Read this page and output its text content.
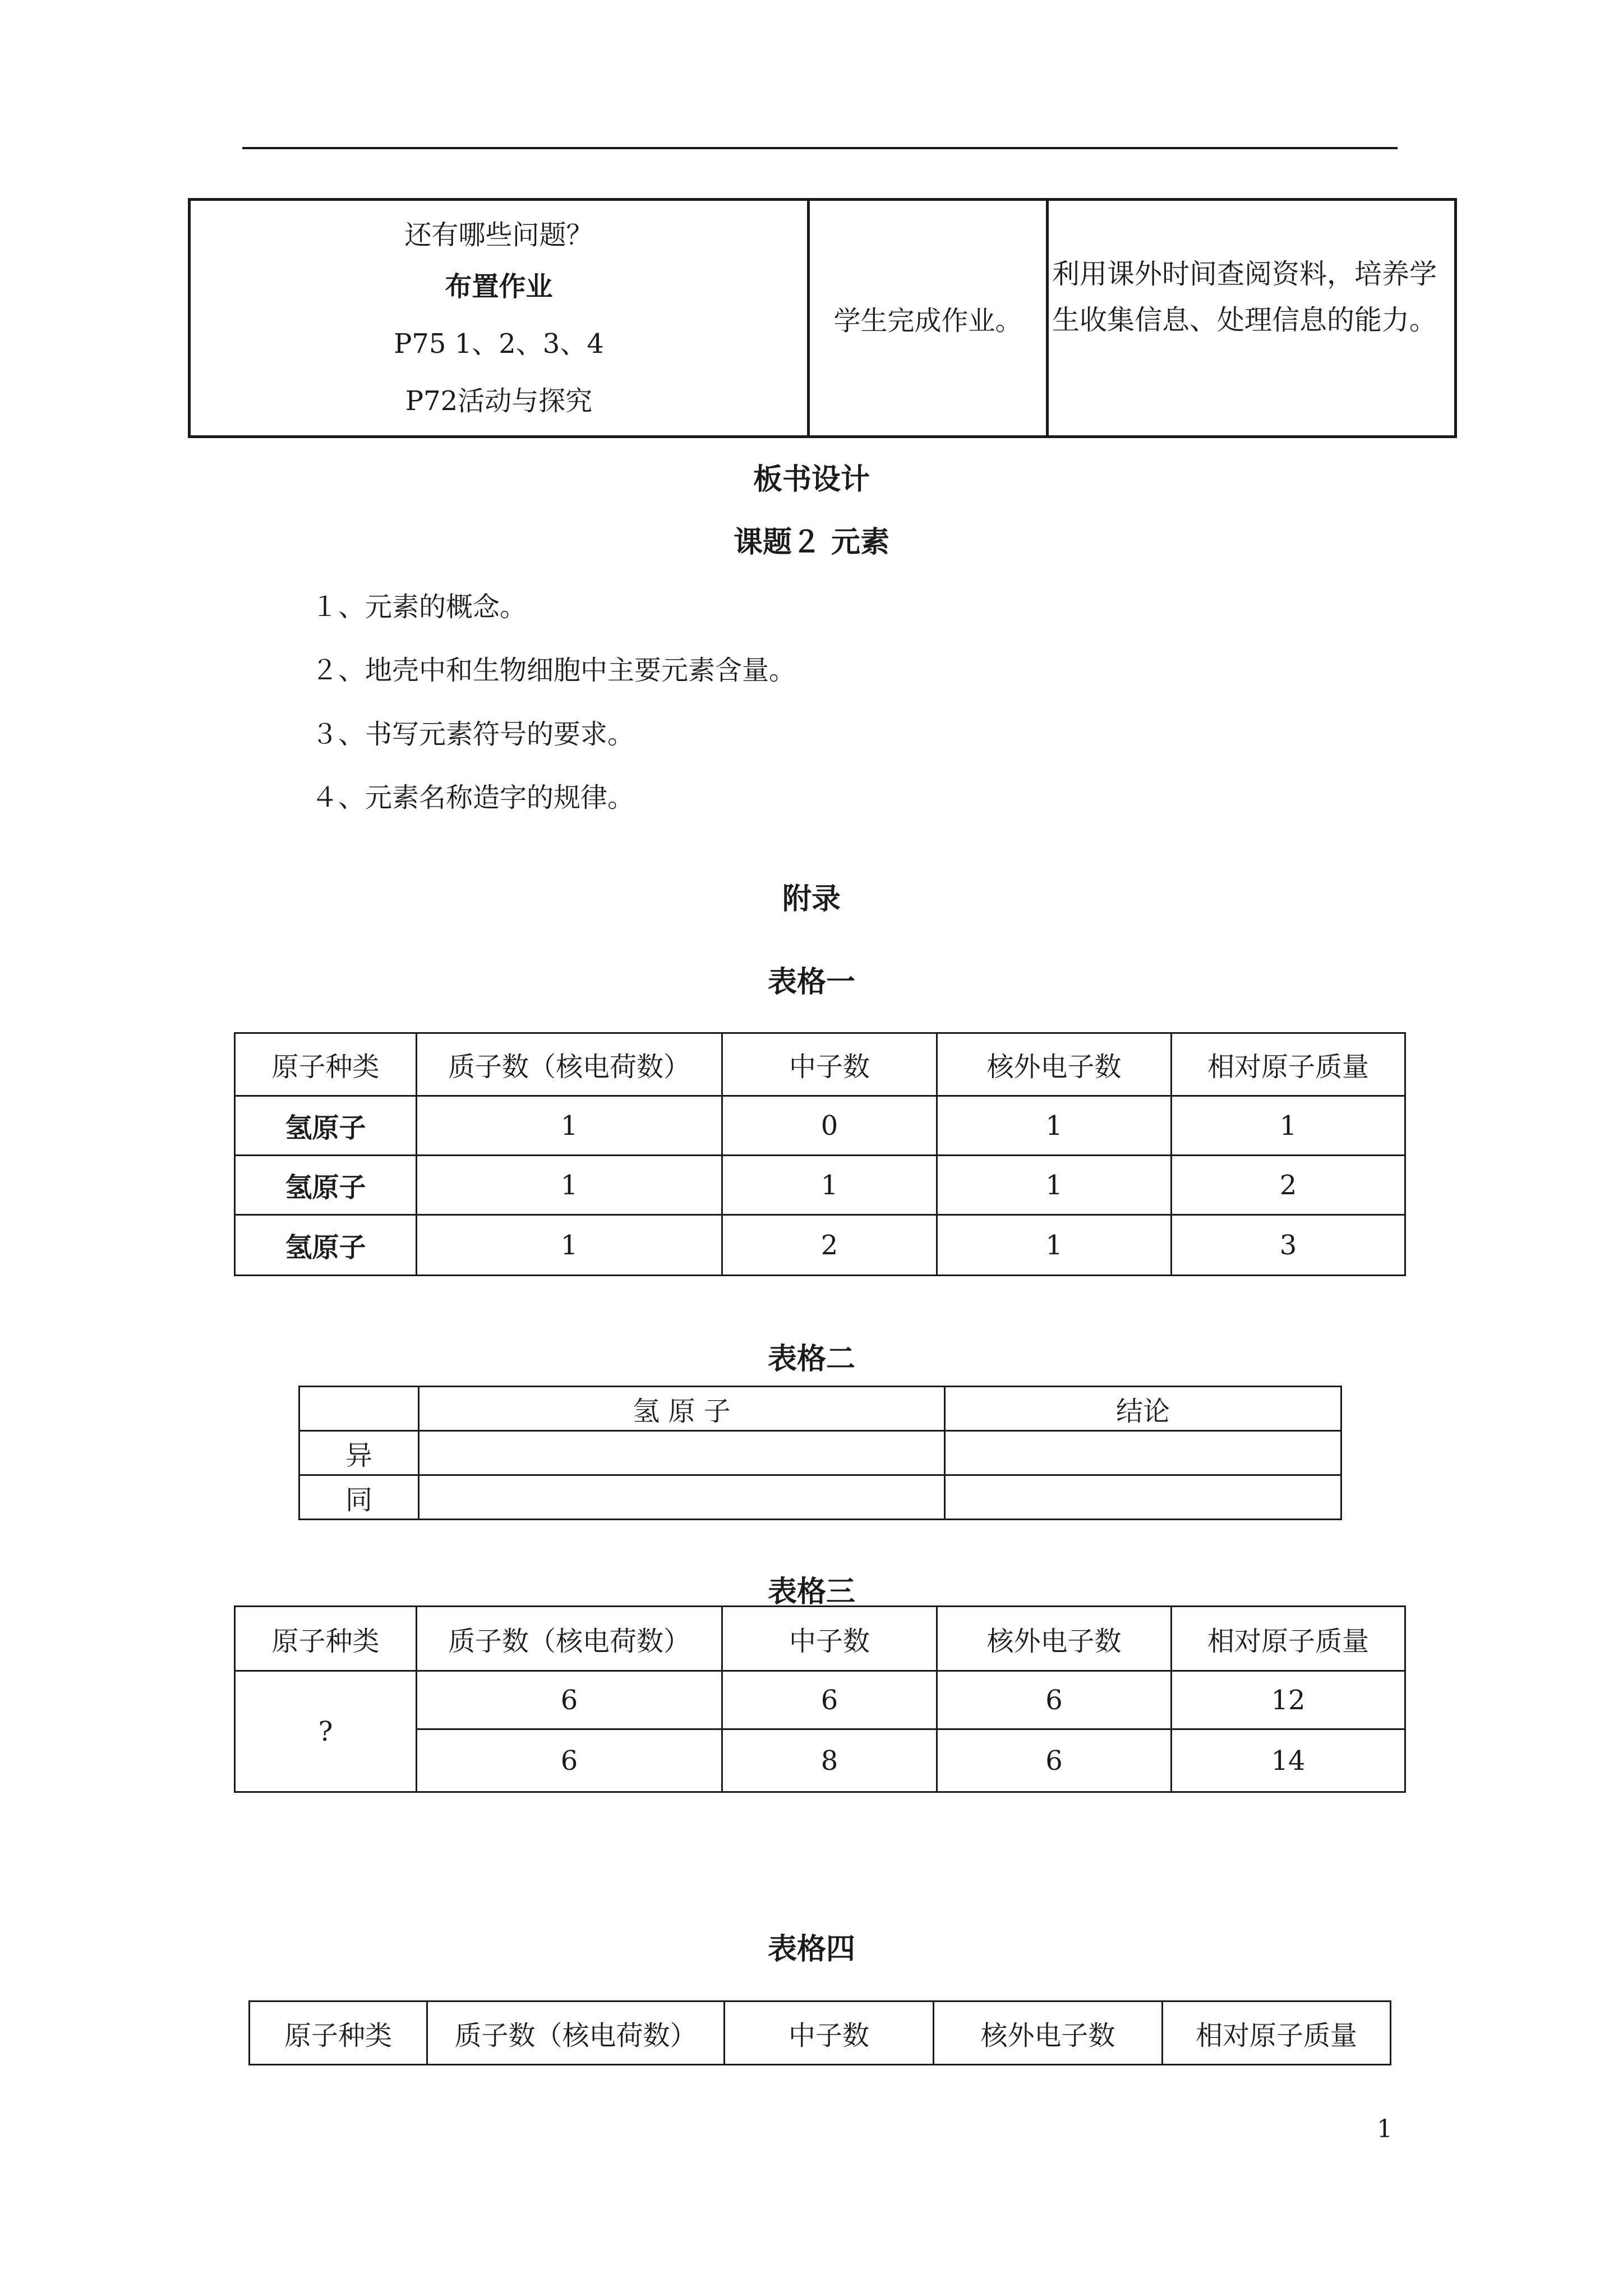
还有哪些问题？
布置作业
P75 1、2、3、4
P72活动与探究
	学生完成作业。	
利用课外时间查阅资料，培养学
生收集信息、处理信息的能力。
板书设计
课题２ 元素
１、元素的概念。
２、地壳中和生物细胞中主要元素含量。
３、书写元素符号的要求。
４、元素名称造字的规律。
附录
表格一
原子种类	质子数（核电荷数）	中子数	核外电子数	相对原子质量
氢原子	1	0	1	1
氢原子	1	1	1	2
氢原子	1	2	1	3
表格二
	氢 原 子	结论
异		
同		
表格三
原子种类	质子数（核电荷数）	中子数	核外电子数	相对原子质量
?	6	6	6	12
	6	8	6	14
表格四
原子种类	质子数（核电荷数）	中子数	核外电子数	相对原子质量
1
